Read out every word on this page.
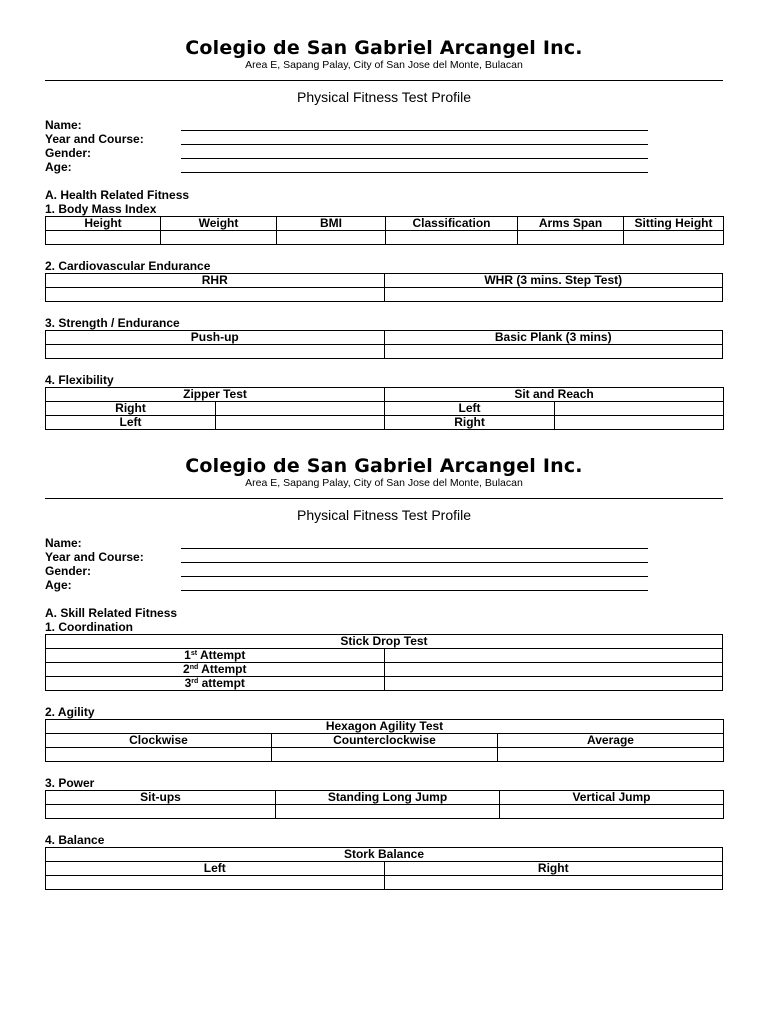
Colegio de San Gabriel Arcangel Inc.
Area E, Sapang Palay, City of San Jose del Monte, Bulacan
Physical Fitness Test Profile
Name:
Year and Course:
Gender:
Age:
A. Health Related Fitness
1. Body Mass Index
Height	Weight	BMI	Classification	Arms Span	Sitting Height

2. Cardiovascular Endurance
RHR	WHR (3 mins. Step Test)

3. Strength / Endurance
Push-up	Basic Plank (3 mins)

4. Flexibility
Zipper Test		Sit and Reach	
Right		Left	
Left		Right	
Colegio de San Gabriel Arcangel Inc.
Area E, Sapang Palay, City of San Jose del Monte, Bulacan
Physical Fitness Test Profile
Name:
Year and Course:
Gender:
Age:
A. Skill Related Fitness
1. Coordination
Stick Drop Test	
1st Attempt	
2nd Attempt	
3rd attempt	
2. Agility
Hexagon Agility Test		
Clockwise	Counterclockwise	Average

3. Power
Sit-ups	Standing Long Jump	Vertical Jump

4. Balance
Stork Balance	
Left	Right
